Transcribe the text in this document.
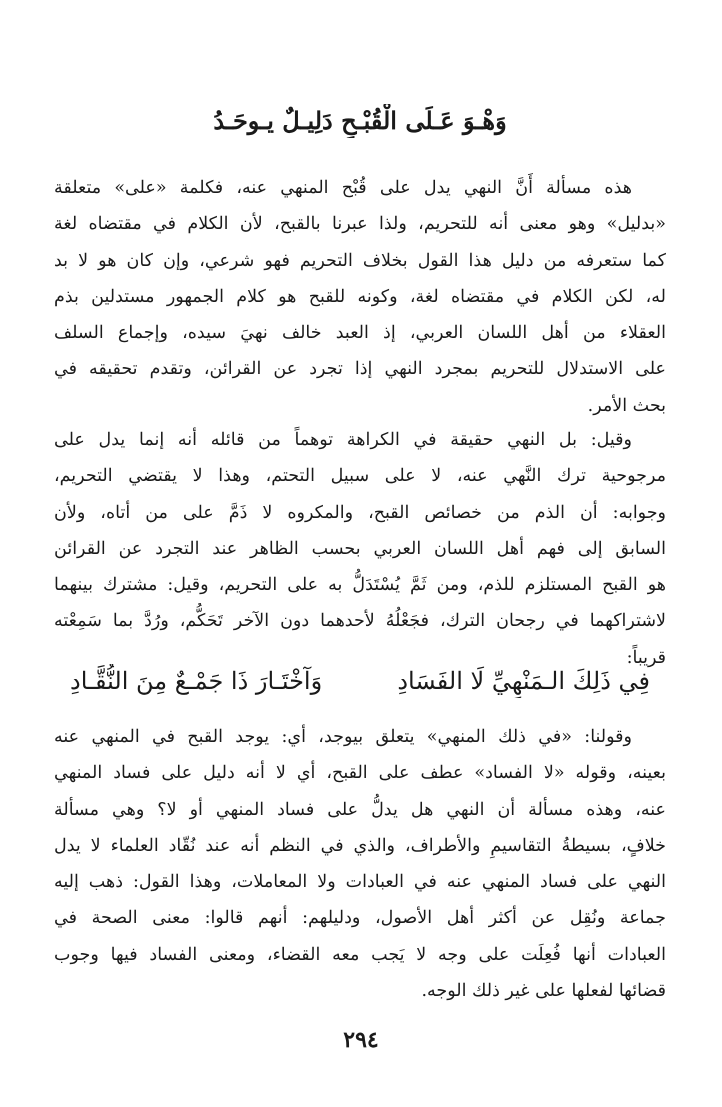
وَهْـوَ عَـلَى الْقُبْـحِ دَلِيـلٌ يـوحَـدُ
هذه مسألة أَنَّ النهي يدل على قُبْح المنهي عنه، فكلمة «على» متعلقة
«بدليل» وهو معنى أنه للتحريم، ولذا عبرنا بالقبح، لأن الكلام في مقتضاه لغة
كما ستعرفه من دليل هذا القول بخلاف التحريم فهو شرعي، وإن كان هو لا بد
له، لكن الكلام في مقتضاه لغة، وكونه للقبح هو كلام الجمهور مستدلين بذم
العقلاء من أهل اللسان العربي، إذ العبد خالف نهيَ سيده، وإجماع السلف
على الاستدلال للتحريم بمجرد النهي إذا تجرد عن القرائن، وتقدم تحقيقه في
بحث الأمر.
وقيل: بل النهي حقيقة في الكراهة توهماً من قائله أنه إنما يدل على
مرجوحية ترك النَّهي عنه، لا على سبيل التحتم، وهذا لا يقتضي التحريم،
وجوابه: أن الذم من خصائص القبح، والمكروه لا ذَمَّ على من أتاه، ولأن
السابق إلى فهم أهل اللسان العربي بحسب الظاهر عند التجرد عن القرائن
هو القبح المستلزم للذم، ومن ثَمَّ يُسْتَدَلُّ به على التحريم، وقيل: مشترك بينهما
لاشتراكهما في رجحان الترك، فجَعْلُهُ لأحدهما دون الآخر تَحَكُّم، ورُدَّ بما سَمِعْته
قريباً:
فِي ذَلِكَ الـمَنْهِيِّ لَا الفَسَادِ
وَآخْتَـارَ ذَا جَمْـعٌ مِنَ النُّقَّـادِ
وقولنا: «في ذلك المنهي» يتعلق بيوجد، أي: يوجد القبح في المنهي عنه
بعينه، وقوله «لا الفساد» عطف على القبح، أي لا أنه دليل على فساد المنهي
عنه، وهذه مسألة أن النهي هل يدلُّ على فساد المنهي أو لا؟ وهي مسألة
خلافٍ، بسيطةُ التقاسيمِ والأطراف، والذي في النظم أنه عند نُقّاد العلماء لا يدل
النهي على فساد المنهي عنه في العبادات ولا المعاملات، وهذا القول: ذهب إليه
جماعة ونُقِل عن أكثر أهل الأصول، ودليلهم: أنهم قالوا: معنى الصحة في
العبادات أنها فُعِلَت على وجه لا يَجب معه القضاء، ومعنى الفساد فيها وجوب
قضائها لفعلها على غير ذلك الوجه.
٢٩٤
